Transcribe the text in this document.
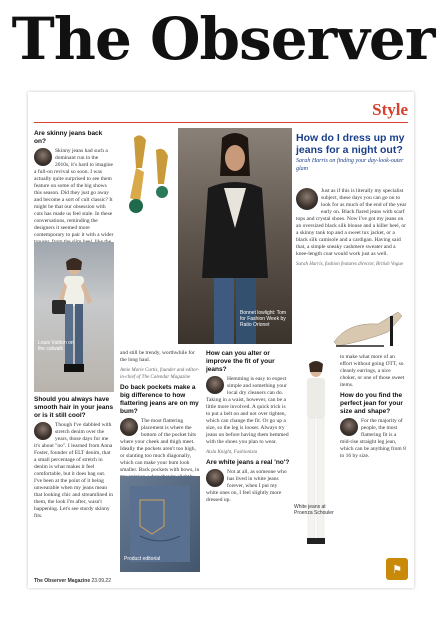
The Observer
Style
Are skinny jeans back on?

Skinny jeans had such a dominant run in the 2010s, it's hard to imagine a full-on revival so soon. I was actually quite surprised to see them feature on some of the big shows this season. Did they just go away and become a sort of cult classic? It might be that our obsession with cuts has made us feel stale. In these conversations, reminding the designers it seemed more contemporary to pair it with a wider

Louis Vuitton on the catwalk
Should you always have smooth hair in your jeans or is it still cool?

Though I've dabbled with stretch denim over the years, those days for me it's about "no". I learned from Anna Foster, founder of ELT denim, that a small percentage of stretch in denim is what makes it feel comfortable, but it does bag out. I've been at the point of it being unwearable when my jeans mean that looking chic and streamlined in them, the look I'm after, wasn't happening. Let's see sturdy skinny fits.

Bonnet lowlight: Tom for Fashion Week by Ratio Orionet
How do I dress up my jeans for a night out?
Sarah Harris on finding your day-look-outer glam

Just as if this is literally my specialist subject, these days you can go on to look for as much of the end of the year early on. Black flared jeans with scarf tops and crystal shoes. Now I've got my jeans on an oversized black silk blouse and a killer heel, or a skinny tank top and a sweet tux jacket, or a black silk camisole and a cardigan. Having said that, a simple sneaky cashmere sweater and a knee-length coat would work just as well.

Sarah Harris, fashion features director, British Vogue

and still be trendy, worthwhile for the long haul.

Amie Marie Curtis, founder and editor-in-chief of The Calendar Magazine

Do back pockets make a big difference to how flattering jeans are on my bum?

The most flattering placement is where the bottom of the pocket hits where your cheek and thigh meet. Ideally the pockets aren't too high, or slanting too much diagonally, which can make your bum look smaller. Back pockets with bows, in

Product editorial
How can you alter or improve the fit of your jeans?

Hemming is easy to expect simple and something your local dry cleaners can do. Taking in a waist, however, can be a little more involved. A quick trick is to put a belt on and not over tighten, which can change the fit. Or go up a size, so the leg is looser. Always try jeans on before having them hemmed with the shoes you plan to wear.

Aisla Knight, Fashionista

Are white jeans a real 'no'?

Not at all, as someone who has lived in white jeans forever, when I put my white ones on, I feel slightly more dressed up.

White jeans at Proenza Schouler

to make what more of an effort without going OTT, so cleanly earrings, a nice choker, or one of those sweet items.

How do you find the perfect jean for your size and shape?

For the majority of people, the most flattering fit is a mid-rise straight leg jean, which can be anything from 8 to 16 by size.

The Observer Magazine 23.09.22
⚑
